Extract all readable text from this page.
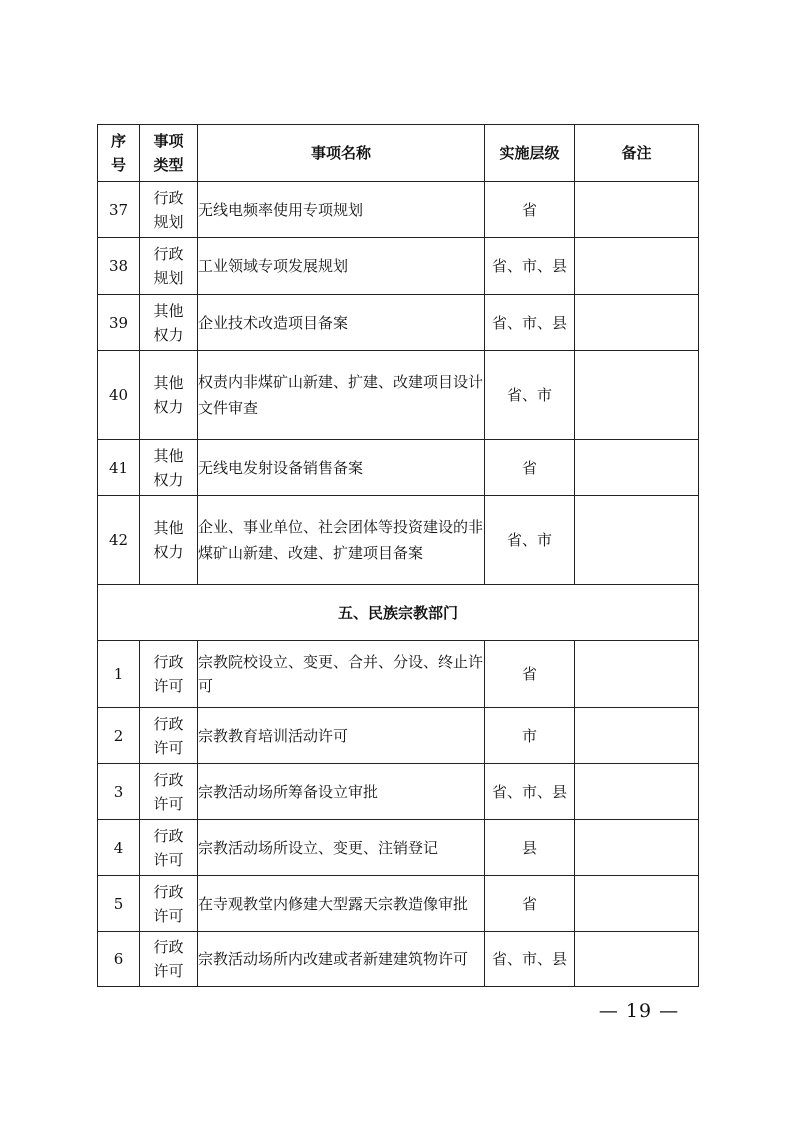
序号	事项类型	事项名称	实施层级	备注
37	行政规划	无线电频率使用专项规划	省	
38	行政规划	工业领域专项发展规划	省、市、县	
39	其他权力	企业技术改造项目备案	省、市、县	
40	其他权力	权责内非煤矿山新建、扩建、改建项目设计文件审查	省、市	
41	其他权力	无线电发射设备销售备案	省	
42	其他权力	企业、事业单位、社会团体等投资建设的非煤矿山新建、改建、扩建项目备案	省、市	
五、民族宗教部门				
1	行政许可	宗教院校设立、变更、合并、分设、终止许可	省	
2	行政许可	宗教教育培训活动许可	市	
3	行政许可	宗教活动场所筹备设立审批	省、市、县	
4	行政许可	宗教活动场所设立、变更、注销登记	县	
5	行政许可	在寺观教堂内修建大型露天宗教造像审批	省	
6	行政许可	宗教活动场所内改建或者新建建筑物许可	省、市、县	
— 19 —
